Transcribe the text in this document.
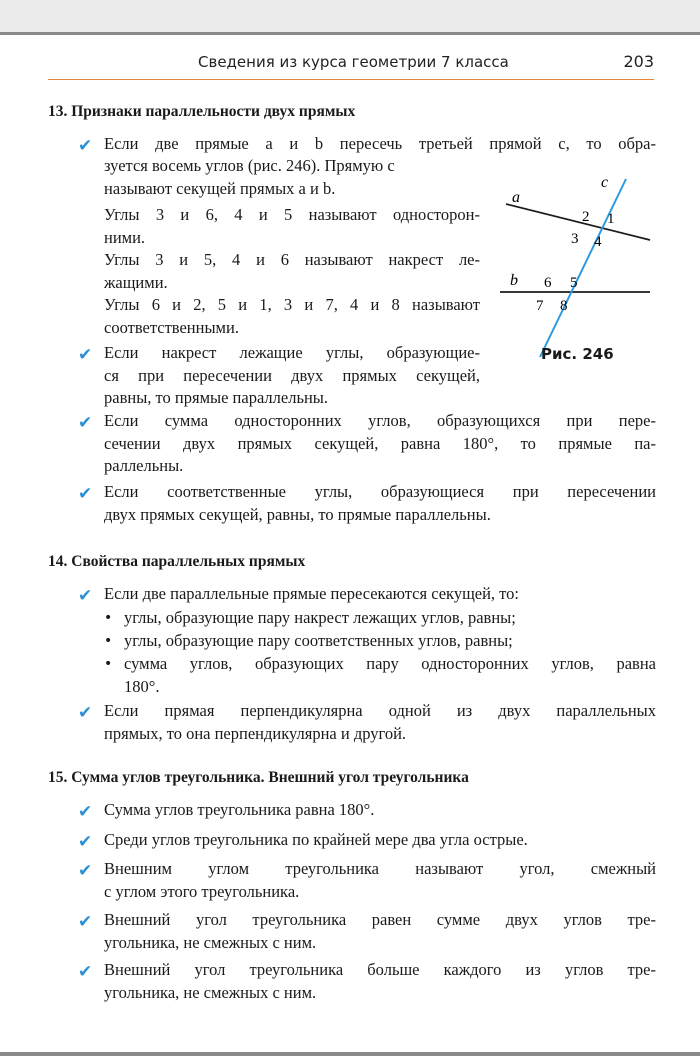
Сведения из курса геометрии 7 класса	203
13. Признаки параллельности двух прямых
✔ Если две прямые a и b пересечь третьей прямой c, то обра-
зуется восемь углов (рис. 246). Прямую c
называют секущей прямых a и b.
Углы 3 и 6, 4 и 5 называют односторон-
ними.
Углы 3 и 5, 4 и 6 называют накрест ле-
жащими.
Углы 6 и 2, 5 и 1, 3 и 7, 4 и 8 называют
соответственными.
✔ Если накрест лежащие углы, образующие-
ся при пересечении двух прямых секущей,
равны, то прямые параллельны.
✔ Если сумма односторонних углов, образующихся при пере-
сечении двух прямых секущей, равна 180°, то прямые па-
раллельны.
✔ Если соответственные углы, образующиеся при пересечении
двух прямых секущей, равны, то прямые параллельны.
a
b
c
2 1
3 4
6 5
7 8
Рис. 246
14. Свойства параллельных прямых
✔ Если две параллельные прямые пересекаются секущей, то:
• углы, образующие пару накрест лежащих углов, равны;
• углы, образующие пару соответственных углов, равны;
• сумма углов, образующих пару односторонних углов, равна
180°.
✔ Если прямая перпендикулярна одной из двух параллельных
прямых, то она перпендикулярна и другой.
15. Сумма углов треугольника. Внешний угол треугольника
✔ Сумма углов треугольника равна 180°.
✔ Среди углов треугольника по крайней мере два угла острые.
✔ Внешним углом треугольника называют угол, смежный
с углом этого треугольника.
✔ Внешний угол треугольника равен сумме двух углов тре-
угольника, не смежных с ним.
✔ Внешний угол треугольника больше каждого из углов тре-
угольника, не смежных с ним.
